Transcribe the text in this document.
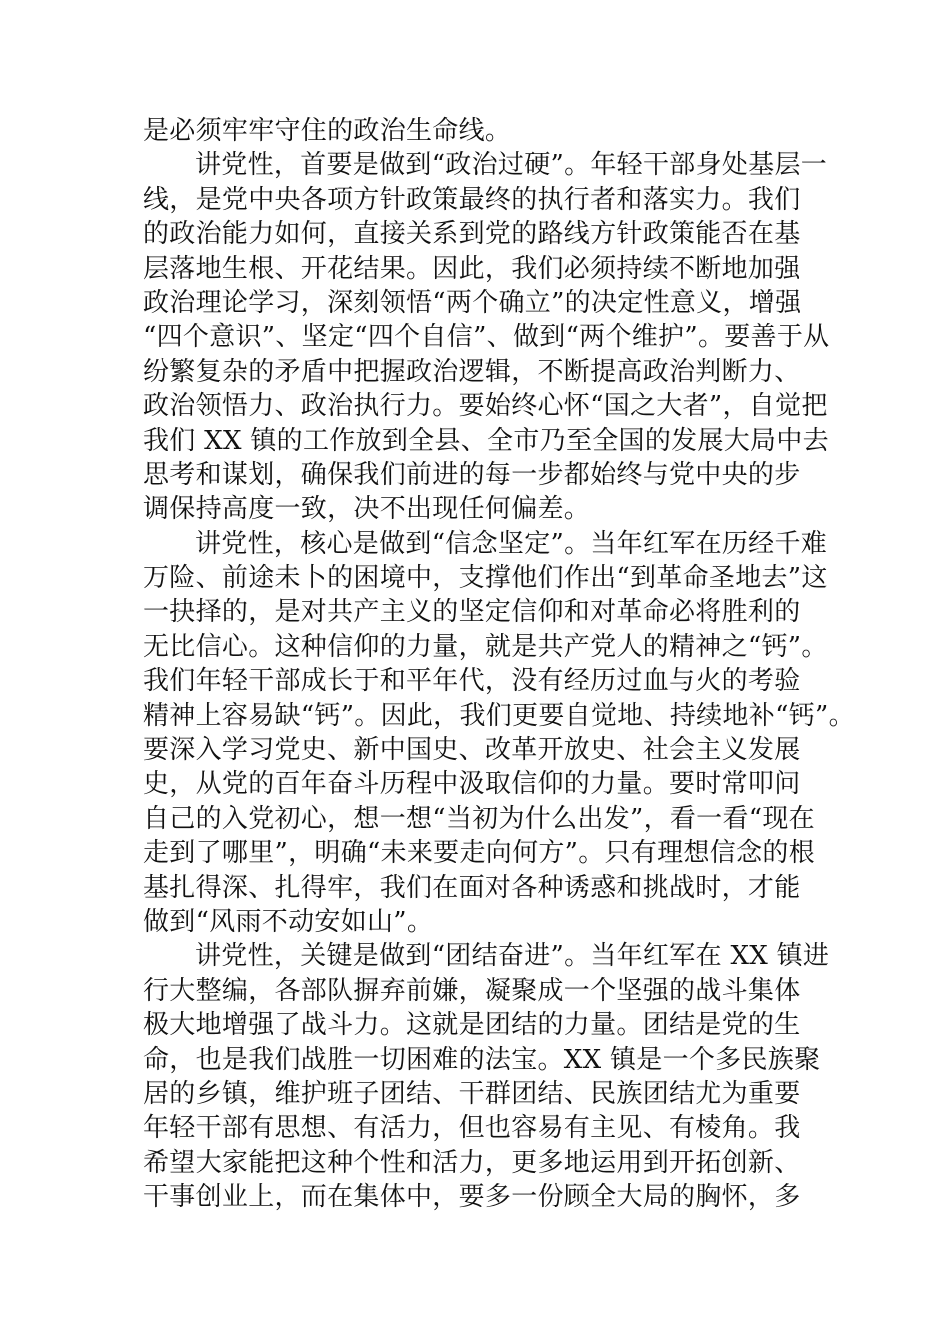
是必须牢牢守住的政治生命线。
讲党性，首要是做到“政治过硬”。年轻干部身处基层一
线，是党中央各项方针政策最终的执行者和落实力。我们
的政治能力如何，直接关系到党的路线方针政策能否在基
层落地生根、开花结果。因此，我们必须持续不断地加强
政治理论学习，深刻领悟“两个确立”的决定性意义，增强
“四个意识”、坚定“四个自信”、做到“两个维护”。要善于从
纷繁复杂的矛盾中把握政治逻辑，不断提高政治判断力、
政治领悟力、政治执行力。要始终心怀“国之大者”，自觉把
我们 XX 镇的工作放到全县、全市乃至全国的发展大局中去
思考和谋划，确保我们前进的每一步都始终与党中央的步
调保持高度一致，决不出现任何偏差。
讲党性，核心是做到“信念坚定”。当年红军在历经千难
万险、前途未卜的困境中，支撑他们作出“到革命圣地去”这
一抉择的，是对共产主义的坚定信仰和对革命必将胜利的
无比信心。这种信仰的力量，就是共产党人的精神之“钙”。
我们年轻干部成长于和平年代，没有经历过血与火的考验
精神上容易缺“钙”。因此，我们更要自觉地、持续地补“钙”。
要深入学习党史、新中国史、改革开放史、社会主义发展
史，从党的百年奋斗历程中汲取信仰的力量。要时常叩问
自己的入党初心，想一想“当初为什么出发”，看一看“现在
走到了哪里”，明确“未来要走向何方”。只有理想信念的根
基扎得深、扎得牢，我们在面对各种诱惑和挑战时，才能
做到“风雨不动安如山”。
讲党性，关键是做到“团结奋进”。当年红军在 XX 镇进
行大整编，各部队摒弃前嫌，凝聚成一个坚强的战斗集体
极大地增强了战斗力。这就是团结的力量。团结是党的生
命，也是我们战胜一切困难的法宝。XX 镇是一个多民族聚
居的乡镇，维护班子团结、干群团结、民族团结尤为重要
年轻干部有思想、有活力，但也容易有主见、有棱角。我
希望大家能把这种个性和活力，更多地运用到开拓创新、
干事创业上，而在集体中，要多一份顾全大局的胸怀，多
